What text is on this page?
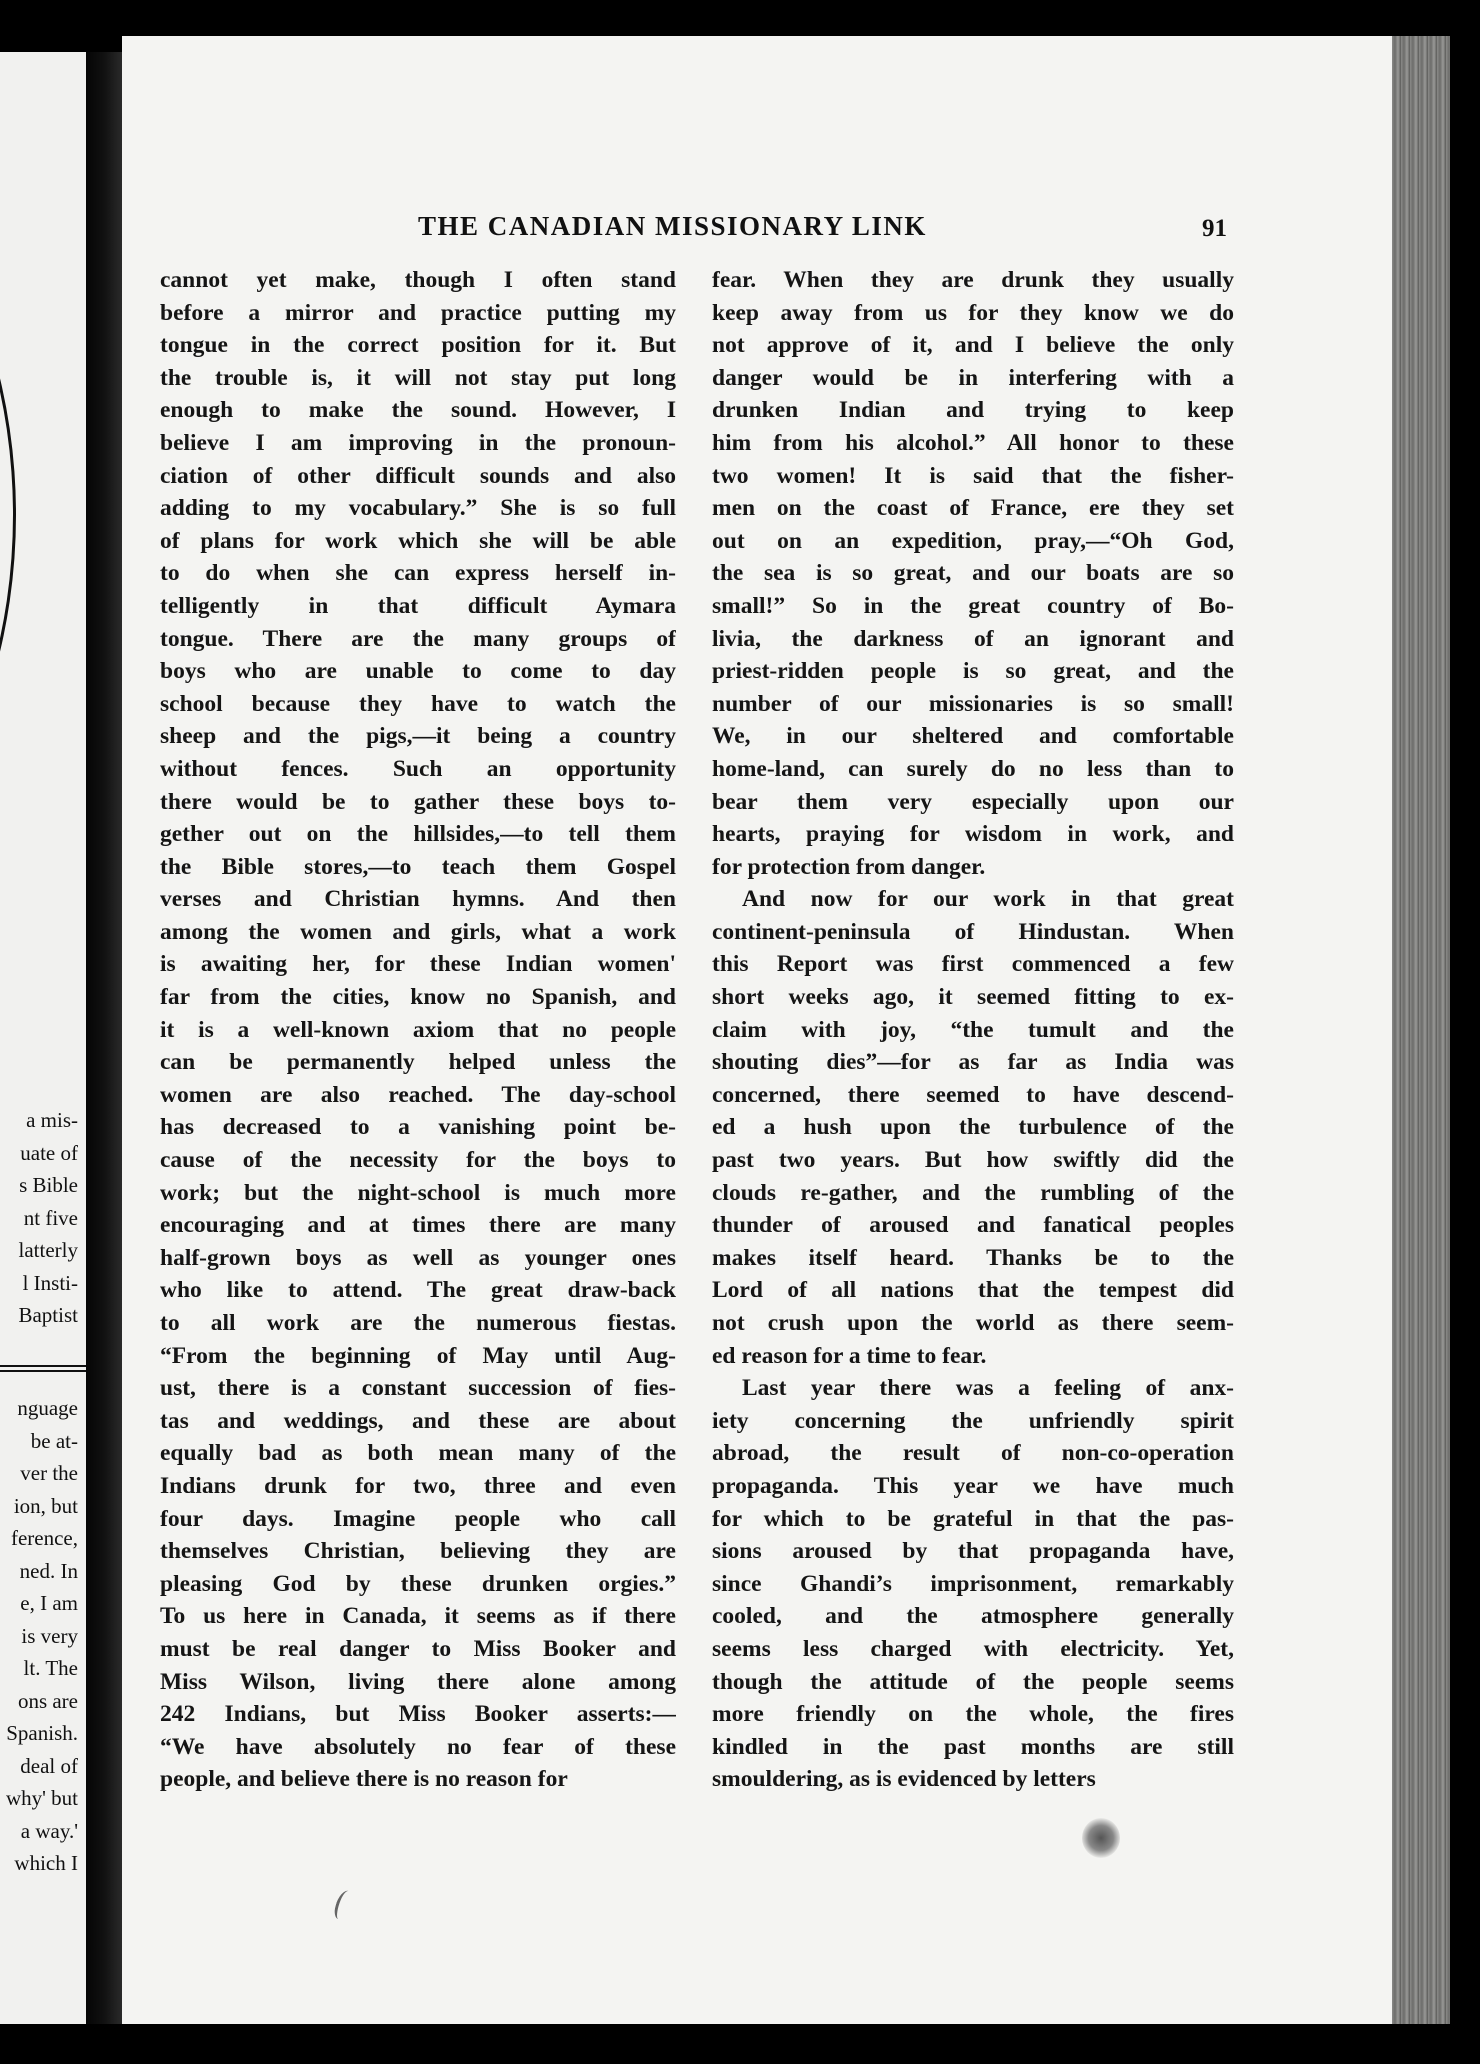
a mis-
uate of
s Bible
nt five
latterly
l Insti-
Baptist
nguage
be at-
ver the
ion, but
ference,
ned. In
e, I am
is very
lt. The
ons are
Spanish.
deal of
why' but
a way.'
which I
THE CANADIAN MISSIONARY LINK	91
cannot yet make, though I often stand
before a mirror and practice putting my
tongue in the correct position for it. But
the trouble is, it will not stay put long
enough to make the sound. However, I
believe I am improving in the pronoun-
ciation of other difficult sounds and also
adding to my vocabulary.” She is so full
of plans for work which she will be able
to do when she can express herself in-
telligently in that difficult Aymara
tongue. There are the many groups of
boys who are unable to come to day
school because they have to watch the
sheep and the pigs,—it being a country
without fences. Such an opportunity
there would be to gather these boys to-
gether out on the hillsides,—to tell them
the Bible stores,—to teach them Gospel
verses and Christian hymns. And then
among the women and girls, what a work
is awaiting her, for these Indian women'
far from the cities, know no Spanish, and
it is a well-known axiom that no people
can be permanently helped unless the
women are also reached. The day-school
has decreased to a vanishing point be-
cause of the necessity for the boys to
work; but the night-school is much more
encouraging and at times there are many
half-grown boys as well as younger ones
who like to attend. The great draw-back
to all work are the numerous fiestas.
“From the beginning of May until Aug-
ust, there is a constant succession of fies-
tas and weddings, and these are about
equally bad as both mean many of the
Indians drunk for two, three and even
four days. Imagine people who call
themselves Christian, believing they are
pleasing God by these drunken orgies.”
To us here in Canada, it seems as if there
must be real danger to Miss Booker and
Miss Wilson, living there alone among
242 Indians, but Miss Booker asserts:—
“We have absolutely no fear of these
people, and believe there is no reason for
fear. When they are drunk they usually
keep away from us for they know we do
not approve of it, and I believe the only
danger would be in interfering with a
drunken Indian and trying to keep
him from his alcohol.” All honor to these
two women! It is said that the fisher-
men on the coast of France, ere they set
out on an expedition, pray,—“Oh God,
the sea is so great, and our boats are so
small!” So in the great country of Bo-
livia, the darkness of an ignorant and
priest-ridden people is so great, and the
number of our missionaries is so small!
We, in our sheltered and comfortable
home-land, can surely do no less than to
bear them very especially upon our
hearts, praying for wisdom in work, and
for protection from danger.
And now for our work in that great
continent-peninsula of Hindustan. When
this Report was first commenced a few
short weeks ago, it seemed fitting to ex-
claim with joy, “the tumult and the
shouting dies”—for as far as India was
concerned, there seemed to have descend-
ed a hush upon the turbulence of the
past two years. But how swiftly did the
clouds re-gather, and the rumbling of the
thunder of aroused and fanatical peoples
makes itself heard. Thanks be to the
Lord of all nations that the tempest did
not crush upon the world as there seem-
ed reason for a time to fear.
Last year there was a feeling of anx-
iety concerning the unfriendly spirit
abroad, the result of non-co-operation
propaganda. This year we have much
for which to be grateful in that the pas-
sions aroused by that propaganda have,
since Ghandi’s imprisonment, remarkably
cooled, and the atmosphere generally
seems less charged with electricity. Yet,
though the attitude of the people seems
more friendly on the whole, the fires
kindled in the past months are still
smouldering, as is evidenced by letters
